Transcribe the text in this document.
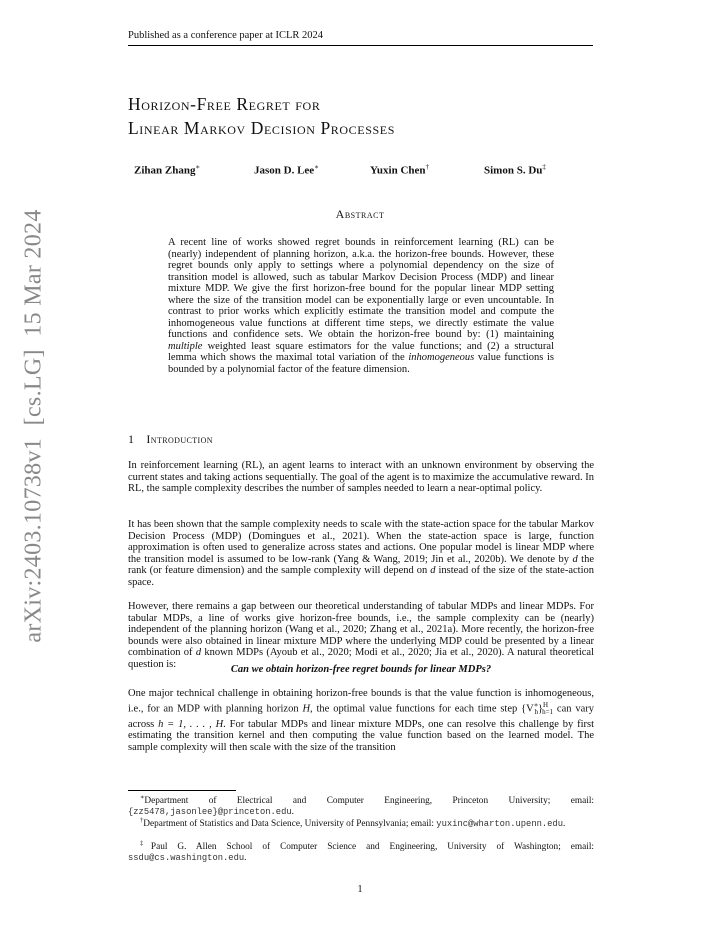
Published as a conference paper at ICLR 2024
arXiv:2403.10738v1  [cs.LG]  15 Mar 2024
Horizon-Free Regret for
Linear Markov Decision Processes
Zihan Zhang∗	Jason D. Lee∗	Yuxin Chen†	Simon S. Du‡
Abstract
A recent line of works showed regret bounds in reinforcement learning (RL) can be (nearly) independent of planning horizon, a.k.a. the horizon-free bounds. However, these regret bounds only apply to settings where a polynomial dependency on the size of transition model is allowed, such as tabular Markov Decision Process (MDP) and linear mixture MDP. We give the first horizon-free bound for the popular linear MDP setting where the size of the transition model can be exponentially large or even uncountable. In contrast to prior works which explicitly estimate the transition model and compute the inhomogeneous value functions at different time steps, we directly estimate the value functions and confidence sets. We obtain the horizon-free bound by: (1) maintaining multiple weighted least square estimators for the value functions; and (2) a structural lemma which shows the maximal total variation of the inhomogeneous value functions is bounded by a polynomial factor of the feature dimension.
1 Introduction
In reinforcement learning (RL), an agent learns to interact with an unknown environment by observing the current states and taking actions sequentially. The goal of the agent is to maximize the accumulative reward. In RL, the sample complexity describes the number of samples needed to learn a near-optimal policy.
It has been shown that the sample complexity needs to scale with the state-action space for the tabular Markov Decision Process (MDP) (Domingues et al., 2021). When the state-action space is large, function approximation is often used to generalize across states and actions. One popular model is linear MDP where the transition model is assumed to be low-rank (Yang & Wang, 2019; Jin et al., 2020b). We denote by d the rank (or feature dimension) and the sample complexity will depend on d instead of the size of the state-action space.
However, there remains a gap between our theoretical understanding of tabular MDPs and linear MDPs. For tabular MDPs, a line of works give horizon-free bounds, i.e., the sample complexity can be (nearly) independent of the planning horizon (Wang et al., 2020; Zhang et al., 2021a). More recently, the horizon-free bounds were also obtained in linear mixture MDP where the underlying MDP could be presented by a linear combination of d known MDPs (Ayoub et al., 2020; Modi et al., 2020; Jia et al., 2020). A natural theoretical question is:	Can we obtain horizon-free regret bounds for linear MDPs?
One major technical challenge in obtaining horizon-free bounds is that the value function is inhomogeneous, i.e., for an MDP with planning horizon H, the optimal value functions for each time step $\{V^∗_h\}^H_{h=1}$ can vary across h = 1, . . . , H. For tabular MDPs and linear mixture MDPs, one can resolve this challenge by first estimating the transition kernel and then computing the value function based on the learned model. The sample complexity will then scale with the size of the transition
∗Department of Electrical and Computer Engineering, Princeton University; email: {zz5478,jasonlee}@princeton.edu.
†Department of Statistics and Data Science, University of Pennsylvania; email: yuxinc@wharton.upenn.edu.
‡Paul G. Allen School of Computer Science and Engineering, University of Washington; email: ssdu@cs.washington.edu.
1
